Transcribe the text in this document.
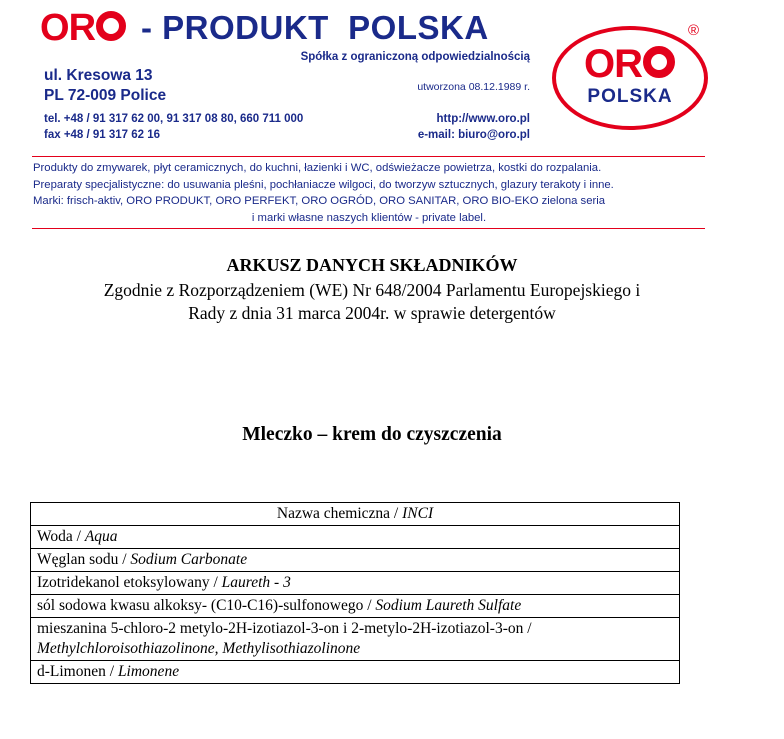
OR	- PRODUKT  POLSKA
Spółka z ograniczoną odpowiedzialnością
utworzona 08.12.1989 r.
ul. Kresowa 13
PL 72-009 Police
tel. +48 / 91 317 62 00, 91 317 08 80, 660 711 000
fax +48 / 91 317 62 16
http://www.oro.pl
e-mail: biuro@oro.pl
OR
POLSKA
®

Produkty do zmywarek, płyt ceramicznych, do kuchni, łazienki i WC, odświeżacze powietrza, kostki do rozpalania.

Preparaty specjalistyczne: do usuwania pleśni, pochłaniacze wilgoci, do tworzyw sztucznych, glazury terakoty i inne.

Marki: frisch-aktiv, ORO PRODUKT, ORO PERFEKT, ORO OGRÓD, ORO SANITAR, ORO BIO-EKO zielona seria

i marki własne naszych klientów - private label.

ARKUSZ DANYCH SKŁADNIKÓW
Zgodnie z Rozporządzeniem (WE) Nr 648/2004 Parlamentu Europejskiego i
Rady z dnia 31 marca 2004r. w sprawie detergentów
Mleczko – krem do czyszczenia
Nazwa chemiczna / INCI
Woda / Aqua
Węglan sodu / Sodium Carbonate
Izotridekanol etoksylowany / Laureth - 3
sól sodowa kwasu alkoksy- (C10-C16)-sulfonowego / Sodium Laureth Sulfate
mieszanina 5-chloro-2 metylo-2H-izotiazol-3-on i 2-metylo-2H-izotiazol-3-on /
Methylchloroisothiazolinone, Methylisothiazolinone
d-Limonen / Limonene
